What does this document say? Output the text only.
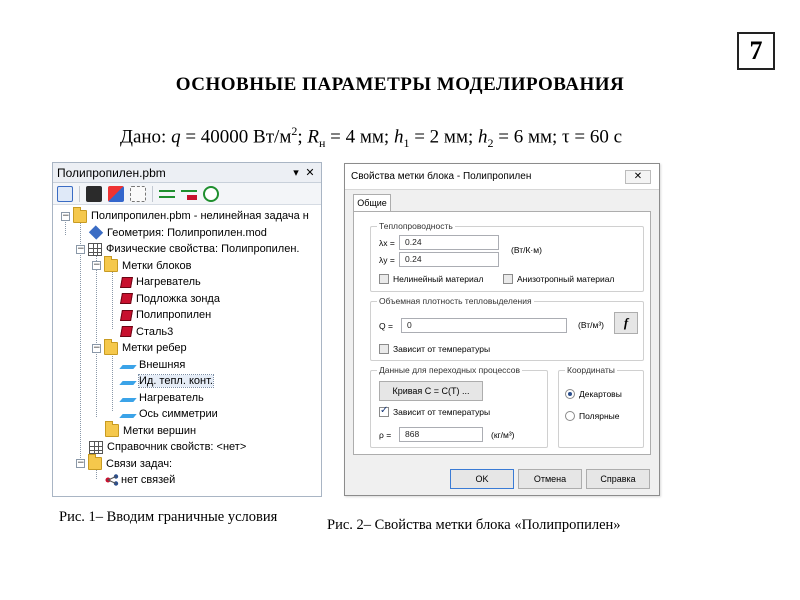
7
ОСНОВНЫЕ ПАРАМЕТРЫ МОДЕЛИРОВАНИЯ
Дано: q = 40000 $Вт/м^2$; $R_н = 4$ мм; $h_1 = 2$ мм; $h_2 = 6$ мм; τ = 60 с
Полипропилен.pbm	▾ ✕
− Полипропилен.pbm - нелинейная задача н
Геометрия: Полипропилен.mod
− Физические свойства: Полипропилен.
− Метки блоков
Нагреватель
Подложка зонда
Полипропилен
Сталь3
− Метки ребер
Внешняя
Ид. тепл. конт.
Нагреватель
Ось симметрии
Метки вершин
Справочник свойств: <нет>
− Связи задач:
нет связей
Рис. 1– Вводим граничные условия	Рис. 2– Свойства метки блока «Полипропилен»
Свойства метки блока - Полипропилен	✕
Общие
Теплопроводность
λx =	0.24
λy =	0.24
(Вт/К·м)
Нелинейный материал	Анизотропный материал
Объемная плотность тепловыделения
Q =	0	(Вт/м³)	f
Зависит от температуры
Данные для переходных процессов
Кривая C = C(T) ...
✓
Зависит от температуры
ρ =	868	(кг/м³)
Координаты
Декартовы
Полярные
OK	Отмена	Справка
